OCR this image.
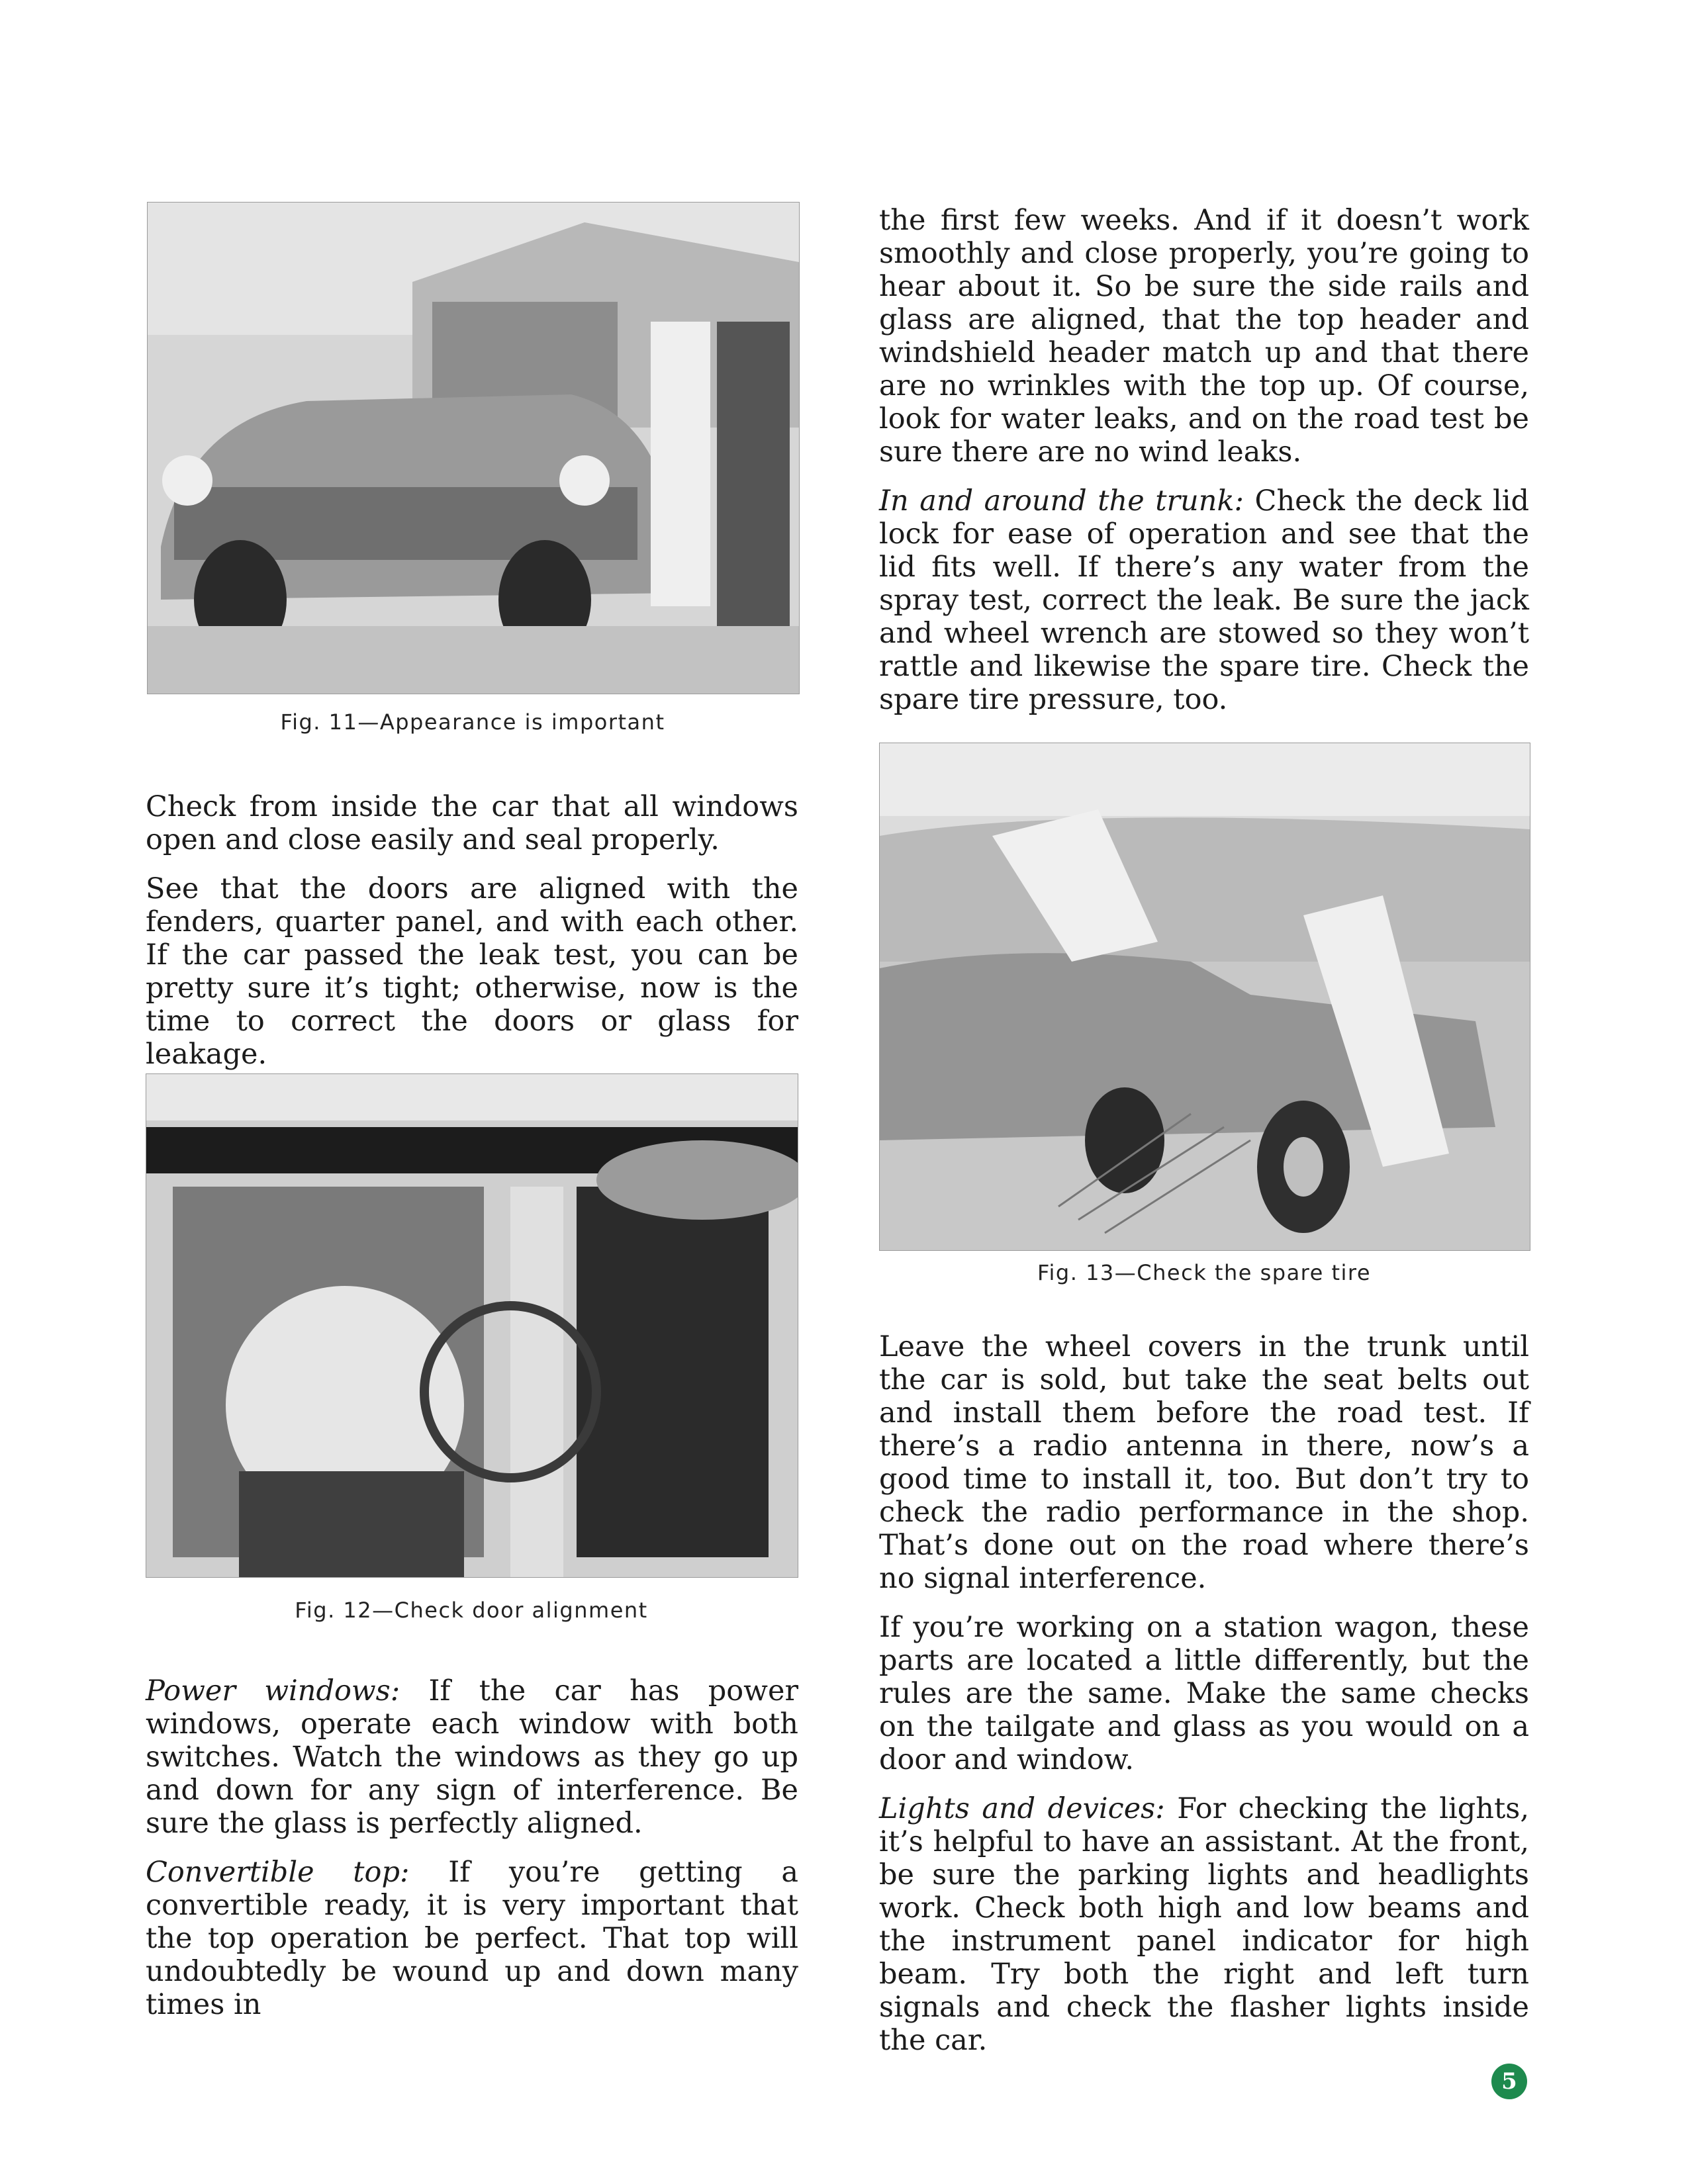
Fig. 11—Appearance is important
Fig. 12—Check door alignment
Fig. 13—Check the spare tire

Check from inside the car that all windows open and close easily and seal properly.

See that the doors are aligned with the fenders, quarter panel, and with each other. If the car passed the leak test, you can be pretty sure it’s tight; otherwise, now is the time to correct the doors or glass for leakage.

Power windows: If the car has power windows, operate each window with both switches. Watch the windows as they go up and down for any sign of interference. Be sure the glass is perfectly aligned.

Convertible top: If you’re getting a convertible ready, it is very important that the top operation be perfect. That top will undoubtedly be wound up and down many times in

the first few weeks. And if it doesn’t work smoothly and close properly, you’re going to hear about it. So be sure the side rails and glass are aligned, that the top header and windshield header match up and that there are no wrinkles with the top up. Of course, look for water leaks, and on the road test be sure there are no wind leaks.

In and around the trunk: Check the deck lid lock for ease of operation and see that the lid fits well. If there’s any water from the spray test, correct the leak. Be sure the jack and wheel wrench are stowed so they won’t rattle and likewise the spare tire. Check the spare tire pressure, too.

Leave the wheel covers in the trunk until the car is sold, but take the seat belts out and install them before the road test. If there’s a radio antenna in there, now’s a good time to install it, too. But don’t try to check the radio performance in the shop. That’s done out on the road where there’s no signal interference.

If you’re working on a station wagon, these parts are located a little differently, but the rules are the same. Make the same checks on the tailgate and glass as you would on a door and window.

Lights and devices: For checking the lights, it’s helpful to have an assistant. At the front, be sure the parking lights and headlights work. Check both high and low beams and the instrument panel indicator for high beam. Try both the right and left turn signals and check the flasher lights inside the car.

5
